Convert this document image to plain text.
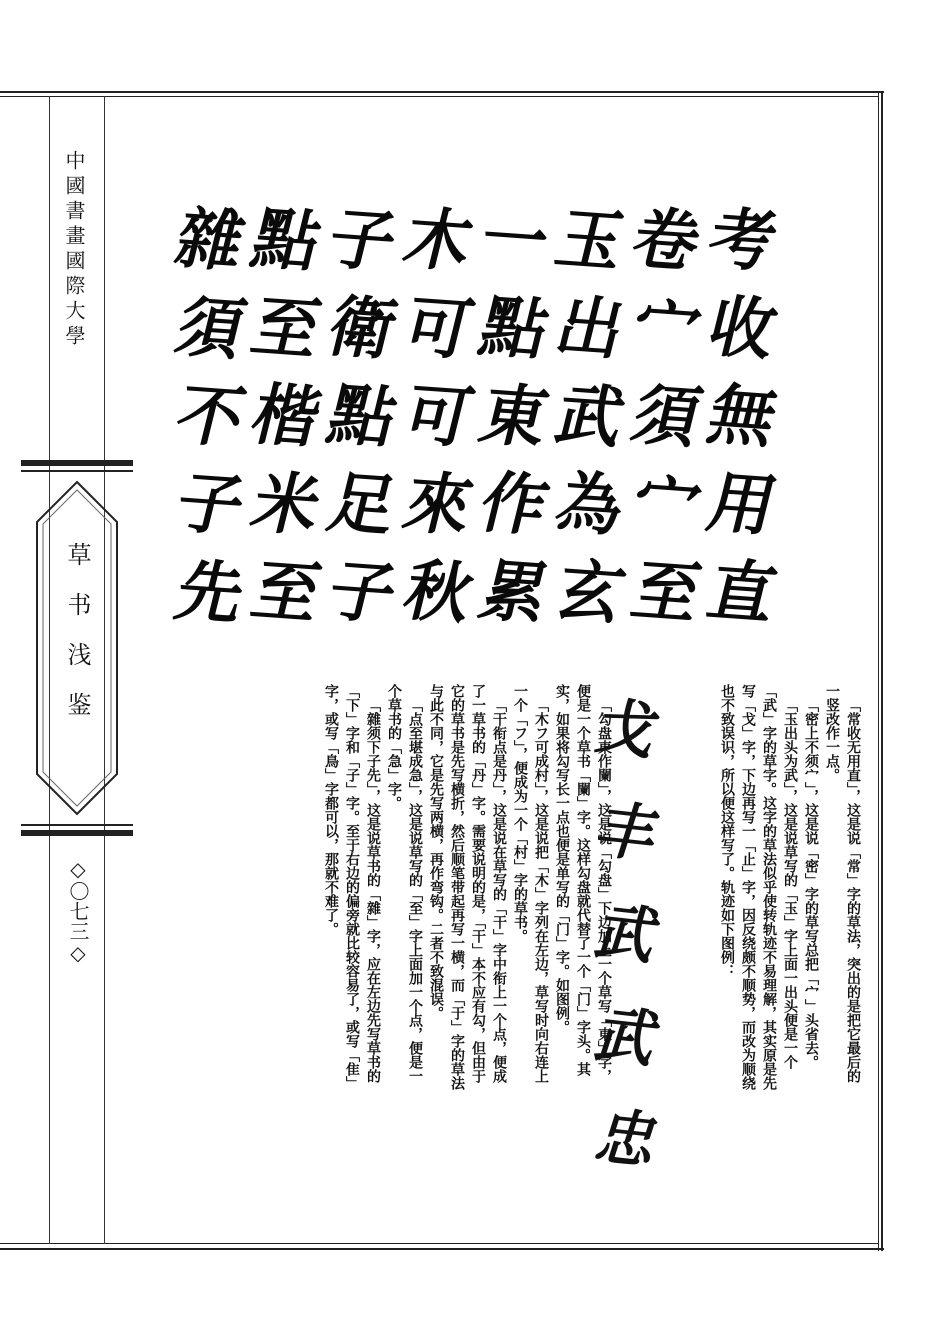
中國書畫國際大學
草书浅鉴
◇〇七三◇
考
收
無
用
直
卷
宀
須
宀
至
玉
出
武
為
玄
一
點
東
作
累
木
可
可
來
秋
子
衛
點
足
子
點
至
楷
米
至
雜
須
不
子
先

「常收无用直」，这是说「常」字的草法，突出的是把它最后的一竖改作一点。

「密上不须宀」，这是说「密」字的草写总把「宀」头省去。

「玉出头为武」，这是说草写的「玉」字上面一出头便是一个「武」字的草字。这字的草法似乎使转轨迹不易理解，其实原是先写「戈」字，下边再写一「止」字，因反绕颇不顺势，而改为顺绕也不致误识，所以便这样写了。轨迹如下图例：

「勾盘東作闌」，这是说「勾盘」下边加上一个草写「東」字，便是一个草书「闌」字。这样勾盘就代替了一个「门」字头。其实，如果将勾写长一点也便是单写的「门」字。如图例。

「木フ可成村」，这是说把「木」字列在左边，草写时向右连上一个「フ」，便成为一个「村」字的草书。

「干衔点是丹」，这是说在草写的「干」字中衔上一个点，便成了一草书的「丹」字。需要说明的是，「干」本不应有勾，但由于它的草书是先写横折，然后顺笔带起再写一横，而「于」字的草法与此不同，它是先写两横，再作弯钩。二者不致混误。

「点至堪成急」，这是说草写的「至」字上面加一个点，便是一个草书的「急」字。

「雜须下子先」，这是说草书的「雜」字，应在左边先写草书的「下」字和「子」字。至于右边的偏旁就比较容易了，或写「隹」字，或写「鳥」字都可以，那就不难了。	戈
丰
武
武
忠
